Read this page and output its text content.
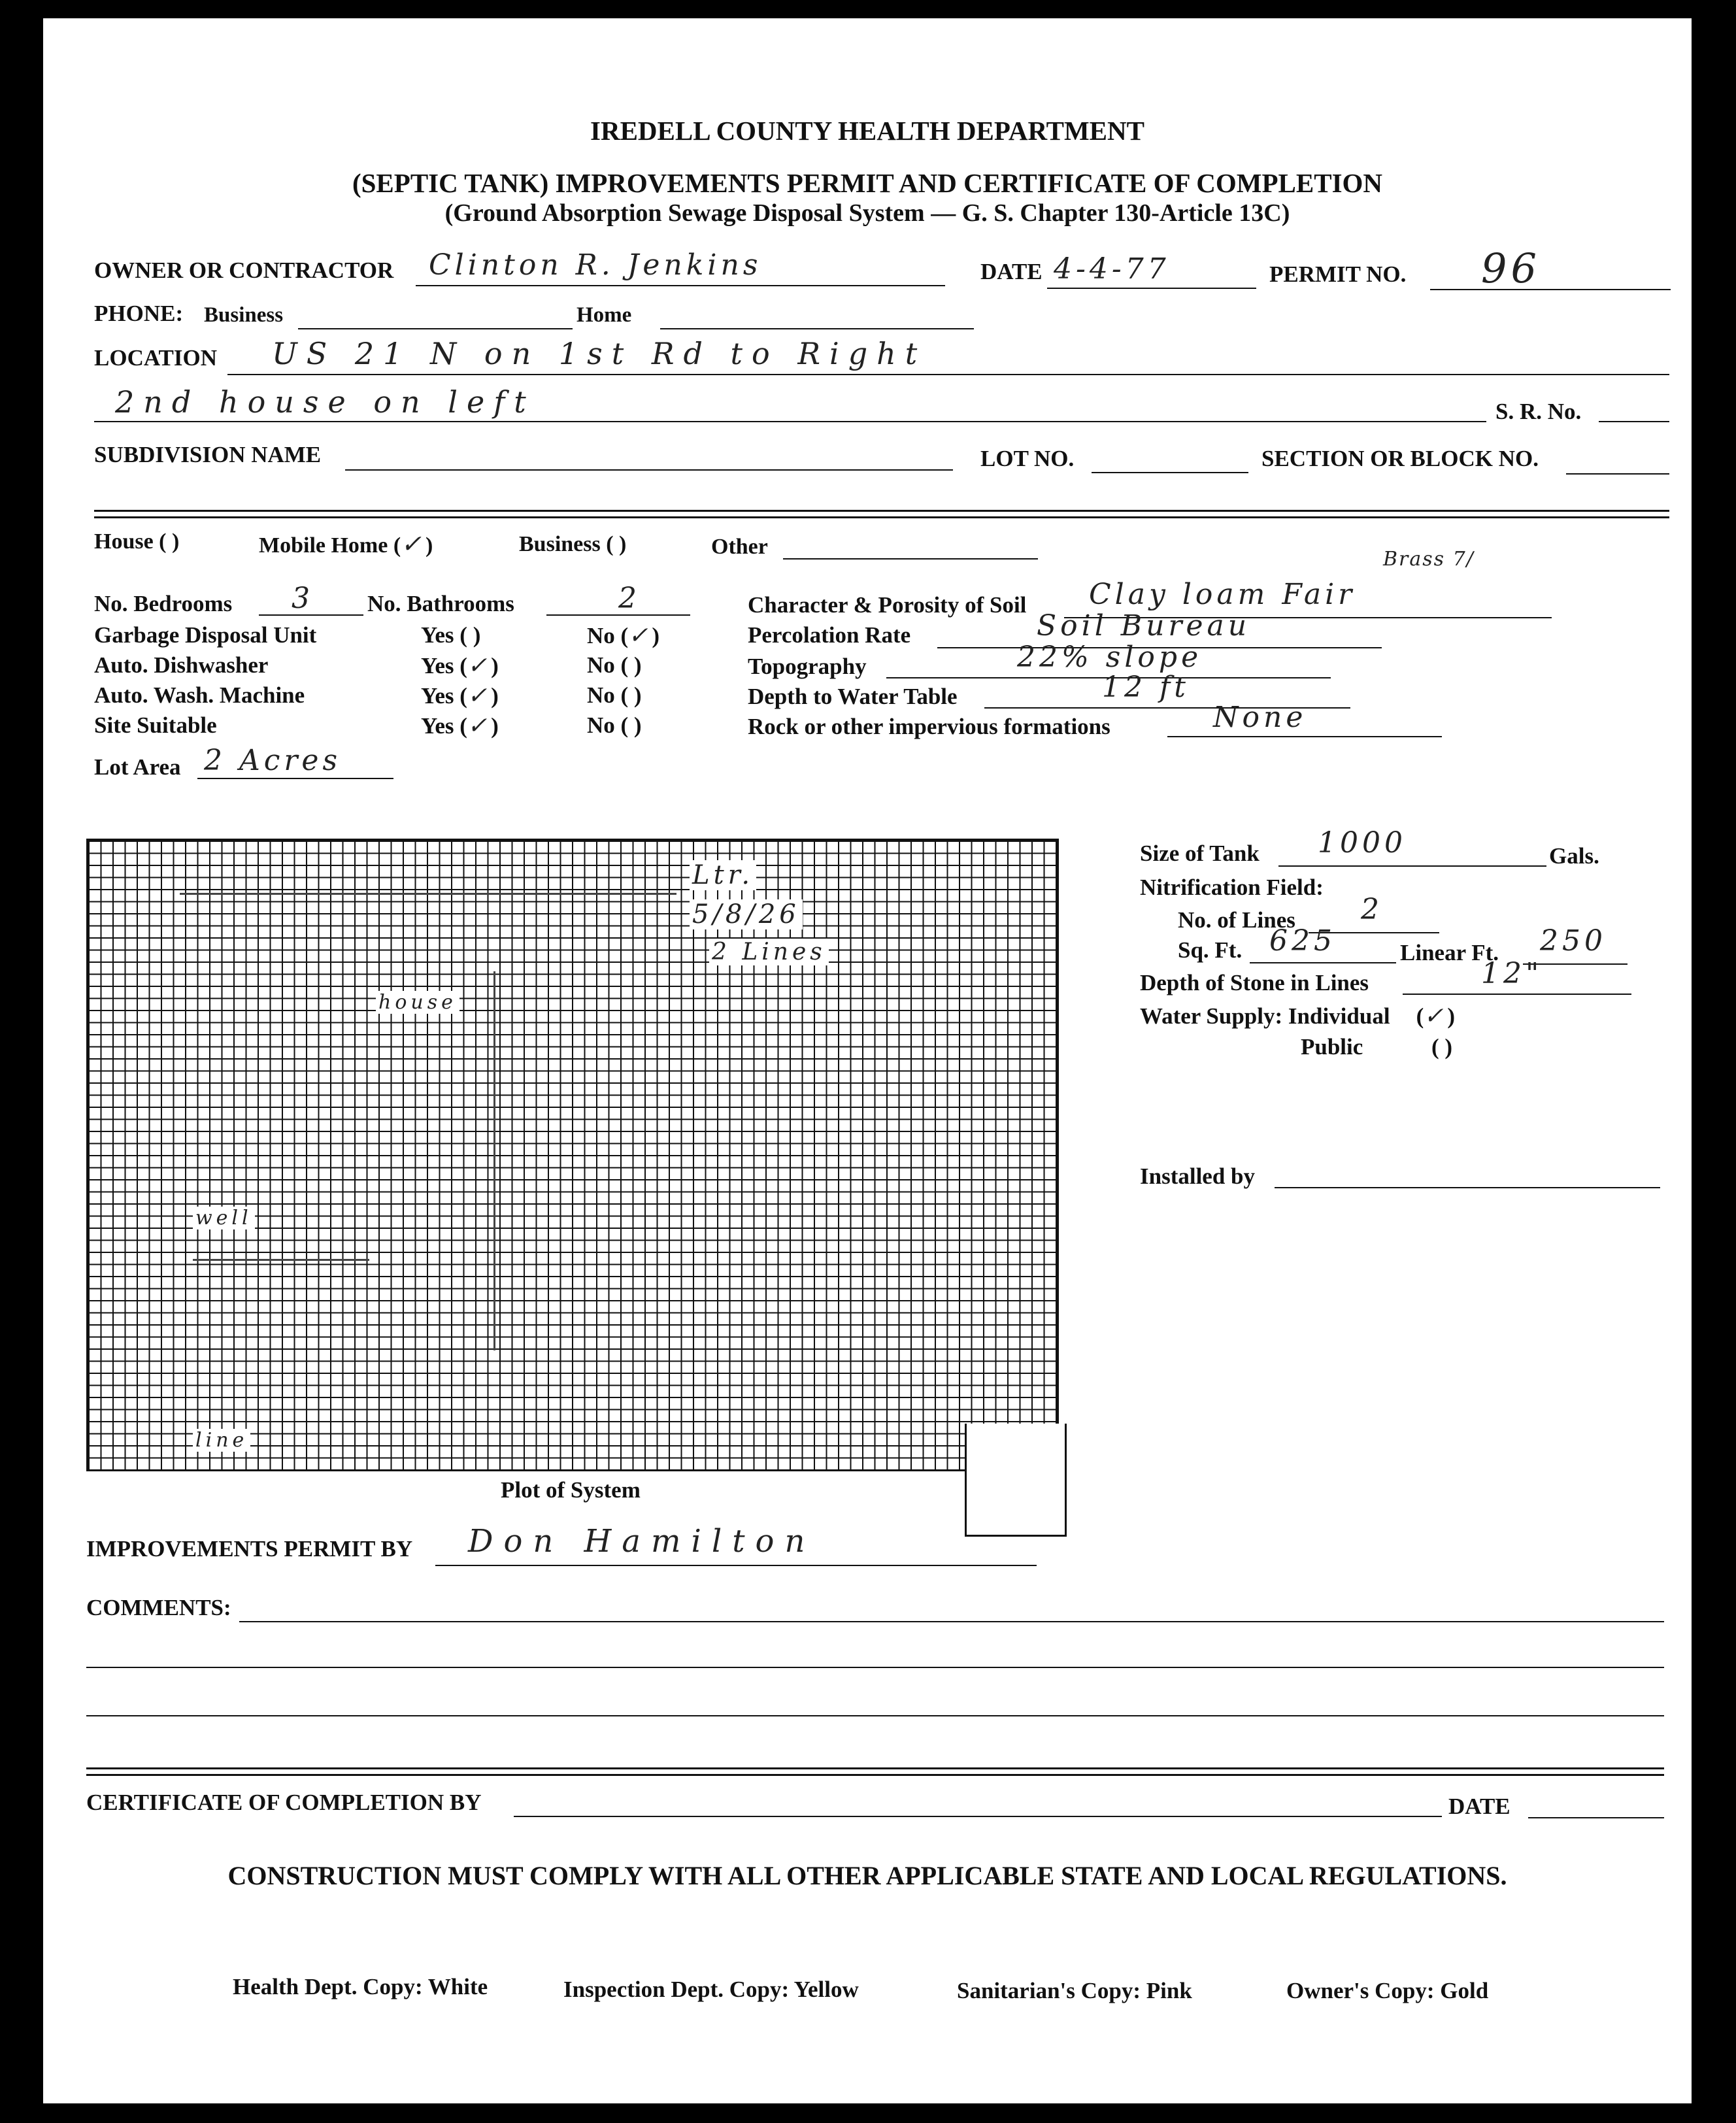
IREDELL COUNTY HEALTH DEPARTMENT
(SEPTIC TANK) IMPROVEMENTS PERMIT AND CERTIFICATE OF COMPLETION
(Ground Absorption Sewage Disposal System — G. S. Chapter 130-Article 13C)
OWNER OR CONTRACTOR Clinton R. Jenkins	DATE 4-4-77	PERMIT NO. 96
PHONE: Business	Home
LOCATION US 21 N on 1st Rd to Right
2nd house on left	S. R. No.
SUBDIVISION NAME	LOT NO.	SECTION OR BLOCK NO.
House ( )	Mobile Home (✓)	Business ( )	Other
No. Bedrooms 3 No. Bathrooms	2
Garbage Disposal Unit	Yes ( )	No (✓)
Auto. Dishwasher	Yes (✓)	No ( )
Auto. Wash. Machine	Yes (✓)	No ( )
Site Suitable	Yes (✓)	No ( )
Lot Area 2 Acres
Character & Porosity of Soil Clay loam Fair
Brass 7/
Percolation Rate	Soil Bureau
Topography	22% slope
Depth to Water Table	12 ft
Rock or other impervious formations	None
Ltr.
5/8/26
2 Lines
house
well
line
Plot of System
Size of Tank 1000	Gals.
Nitrification Field:
No. of Lines 2
Sq. Ft. 625	Linear Ft. 250
Depth of Stone in Lines	12"
Water Supply: Individual (✓)
Public	( )
Installed by
IMPROVEMENTS PERMIT BY Don Hamilton
COMMENTS:
CERTIFICATE OF COMPLETION BY	DATE
CONSTRUCTION MUST COMPLY WITH ALL OTHER APPLICABLE STATE AND LOCAL REGULATIONS.
Health Dept. Copy: White	Inspection Dept. Copy: Yellow	Sanitarian's Copy: Pink	Owner's Copy: Gold
